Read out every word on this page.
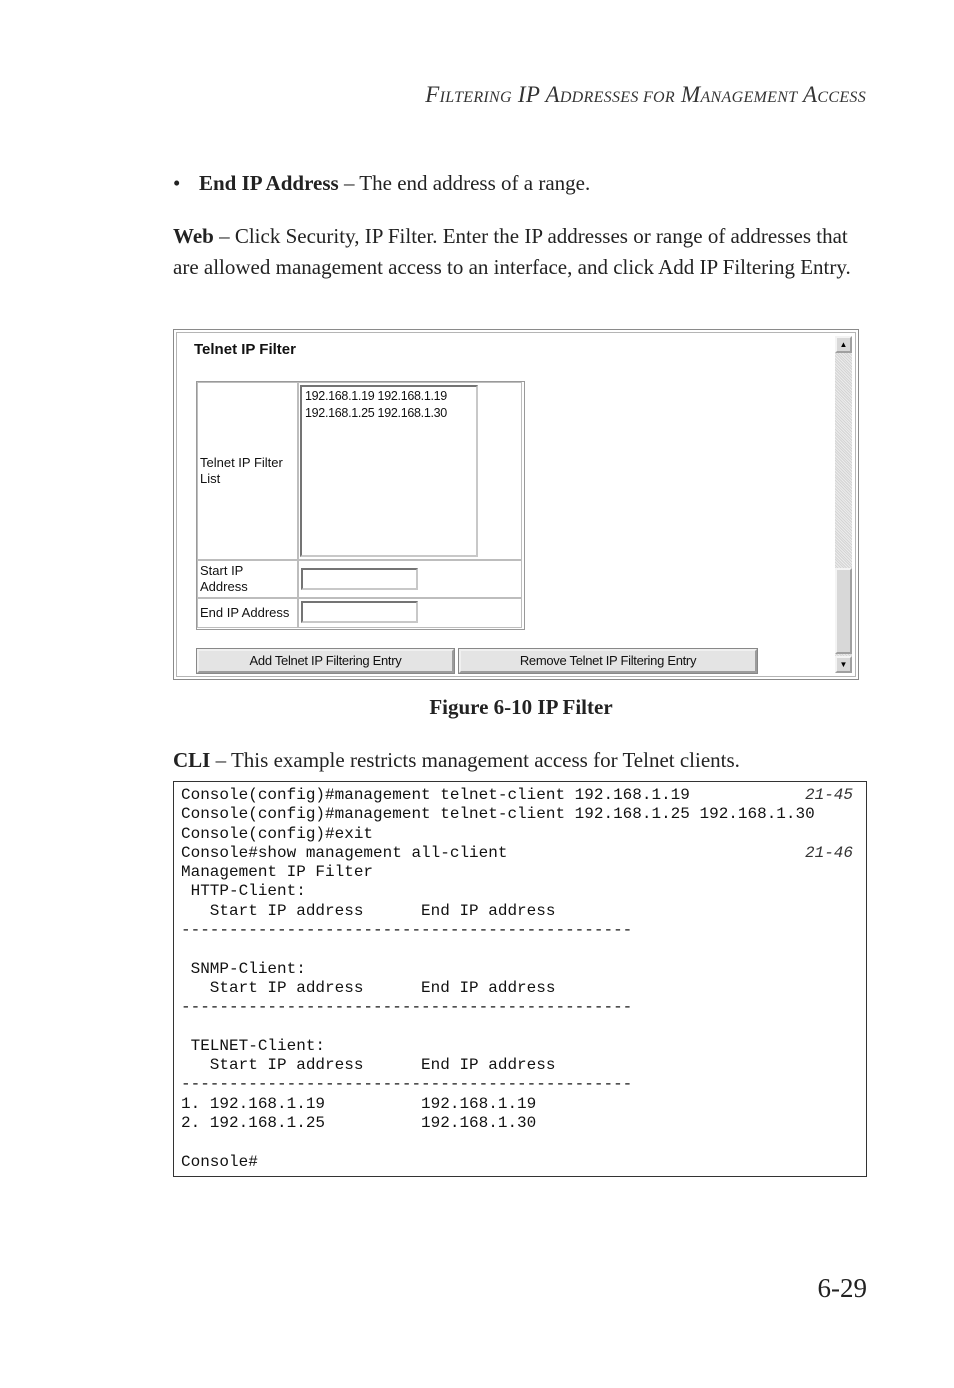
FILTERING IP ADDRESSES FOR MANAGEMENT ACCESS
• End IP Address – The end address of a range.
Web – Click Security, IP Filter. Enter the IP addresses or range of addresses that are allowed management access to an interface, and click Add IP Filtering Entry.
Telnet IP Filter
Telnet IP Filter List
192.168.1.19 192.168.1.19
192.168.1.25 192.168.1.30
Start IP Address
End IP Address
Add Telnet IP Filtering Entry	Remove Telnet IP Filtering Entry
▲
▼
Figure 6-10 IP Filter
CLI – This example restricts management access for Telnet clients.
Console(config)#management telnet-client 192.168.1.19
Console(config)#management telnet-client 192.168.1.25 192.168.1.30
Console(config)#exit
Console#show management all-client
Management IP Filter
HTTP-Client:
Start IP address      End IP address
-----------------------------------------------

SNMP-Client:
Start IP address      End IP address
-----------------------------------------------

TELNET-Client:
Start IP address      End IP address
-----------------------------------------------
1. 192.168.1.19          192.168.1.19
2. 192.168.1.25          192.168.1.30

Console#
21-45
21-46
6-29
